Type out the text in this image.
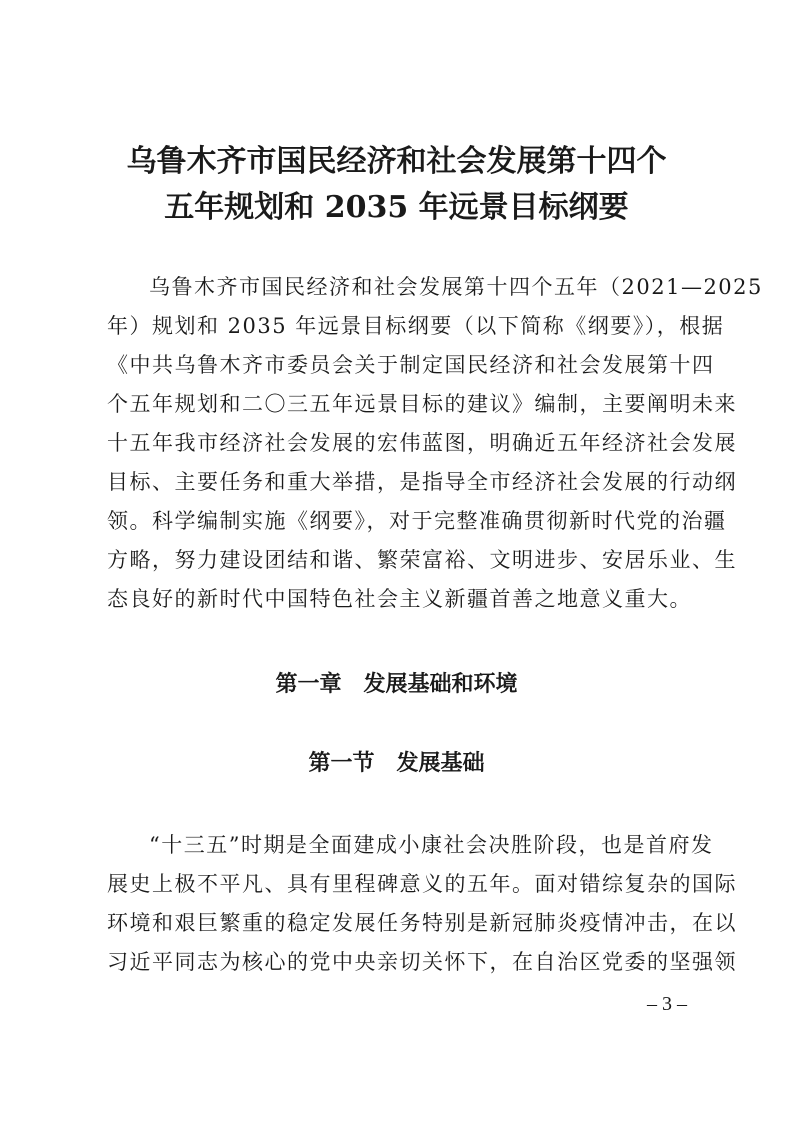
乌鲁木齐市国民经济和社会发展第十四个
五年规划和 2035 年远景目标纲要
乌鲁木齐市国民经济和社会发展第十四个五年（2021—2025
年）规划和 2035 年远景目标纲要（以下简称《纲要》），根据
《中共乌鲁木齐市委员会关于制定国民经济和社会发展第十四
个五年规划和二〇三五年远景目标的建议》编制，主要阐明未来
十五年我市经济社会发展的宏伟蓝图，明确近五年经济社会发展
目标、主要任务和重大举措，是指导全市经济社会发展的行动纲
领。科学编制实施《纲要》，对于完整准确贯彻新时代党的治疆
方略，努力建设团结和谐、繁荣富裕、文明进步、安居乐业、生
态良好的新时代中国特色社会主义新疆首善之地意义重大。
第一章　发展基础和环境
第一节　发展基础
“十三五”时期是全面建成小康社会决胜阶段，也是首府发
展史上极不平凡、具有里程碑意义的五年。面对错综复杂的国际
环境和艰巨繁重的稳定发展任务特别是新冠肺炎疫情冲击，在以
习近平同志为核心的党中央亲切关怀下，在自治区党委的坚强领
– 3 –
